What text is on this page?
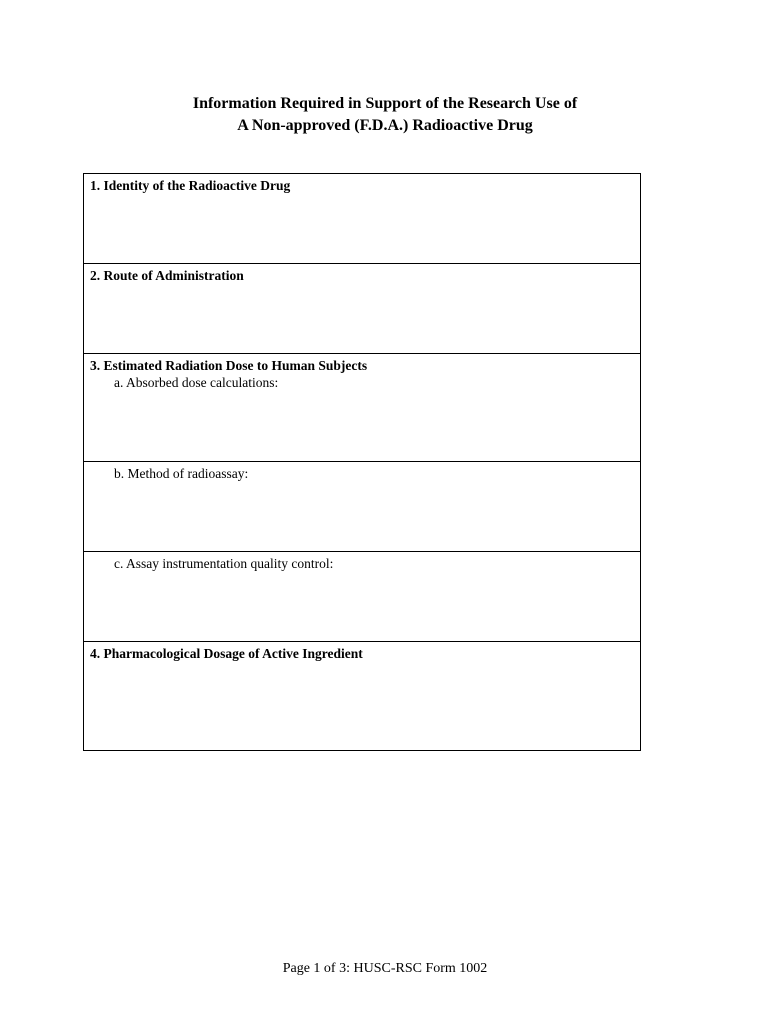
Information Required in Support of the Research Use of
A Non-approved (F.D.A.) Radioactive Drug
1. Identity of the Radioactive Drug
2. Route of Administration
3. Estimated Radiation Dose to Human Subjects
a. Absorbed dose calculations:
b. Method of radioassay:
c. Assay instrumentation quality control:
4. Pharmacological Dosage of Active Ingredient
Page 1 of 3: HUSC-RSC Form 1002
